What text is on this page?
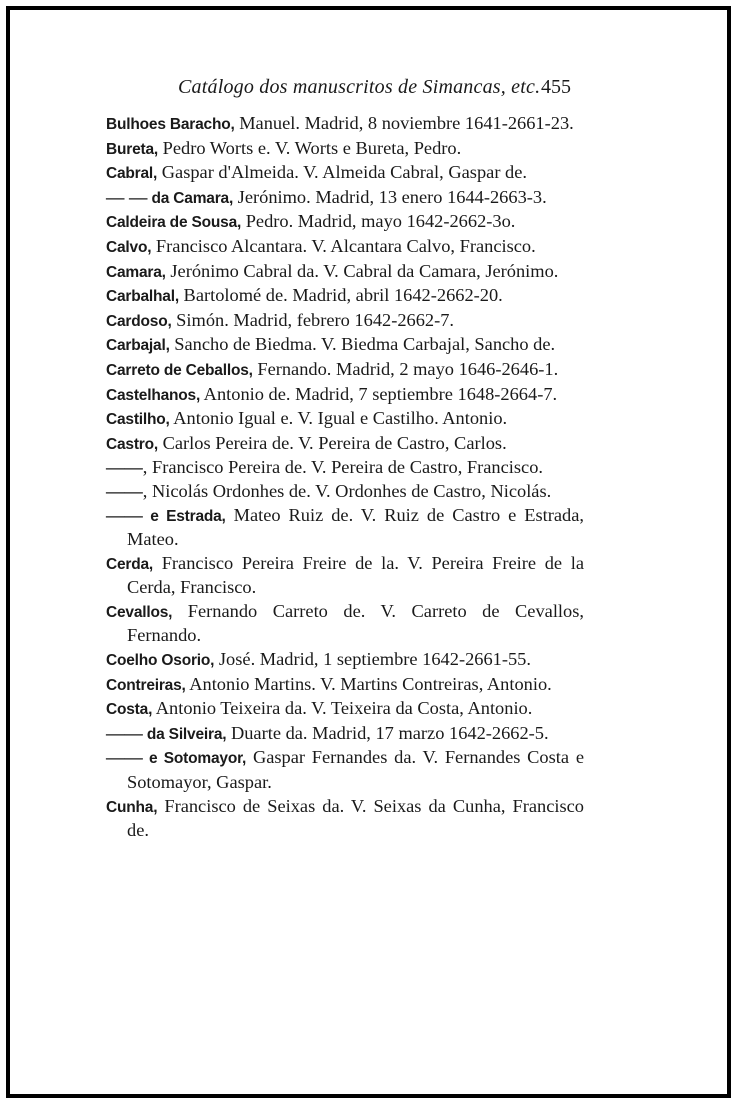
Catálogo dos manuscritos de Simancas, etc. 455
Bulhoes Baracho, Manuel. Madrid, 8 noviembre 1641-2661-23.
Bureta, Pedro Worts e. V. Worts e Bureta, Pedro.
Cabral, Gaspar d'Almeida. V. Almeida Cabral, Gaspar de.
— — da Camara, Jerónimo. Madrid, 13 enero 1644-2663-3.
Caldeira de Sousa, Pedro. Madrid, mayo 1642-2662-3o.
Calvo, Francisco Alcantara. V. Alcantara Calvo, Francisco.
Camara, Jerónimo Cabral da. V. Cabral da Camara, Jerónimo.
Carbalhal, Bartolomé de. Madrid, abril 1642-2662-20.
Cardoso, Simón. Madrid, febrero 1642-2662-7.
Carbajal, Sancho de Biedma. V. Biedma Carbajal, Sancho de.
Carreto de Ceballos, Fernando. Madrid, 2 mayo 1646-2646-1.
Castelhanos, Antonio de. Madrid, 7 septiembre 1648-2664-7.
Castilho, Antonio Igual e. V. Igual e Castilho. Antonio.
Castro, Carlos Pereira de. V. Pereira de Castro, Carlos.
——, Francisco Pereira de. V. Pereira de Castro, Francisco.
——, Nicolás Ordonhes de. V. Ordonhes de Castro, Nicolás.
—— e Estrada, Mateo Ruiz de. V. Ruiz de Castro e Estrada, Mateo.
Cerda, Francisco Pereira Freire de la. V. Pereira Freire de la Cerda, Francisco.
Cevallos, Fernando Carreto de. V. Carreto de Cevallos, Fernando.
Coelho Osorio, José. Madrid, 1 septiembre 1642-2661-55.
Contreiras, Antonio Martins. V. Martins Contreiras, Antonio.
Costa, Antonio Teixeira da. V. Teixeira da Costa, Antonio.
—— da Silveira, Duarte da. Madrid, 17 marzo 1642-2662-5.
—— e Sotomayor, Gaspar Fernandes da. V. Fernandes Costa e Sotomayor, Gaspar.
Cunha, Francisco de Seixas da. V. Seixas da Cunha, Francisco de.
